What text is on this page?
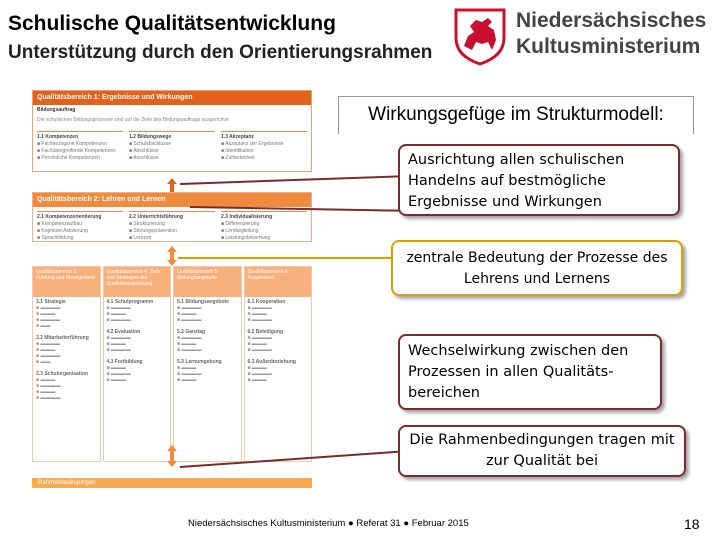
Schulische Qualitätsentwicklung
Unterstützung durch den Orientierungsrahmen
Niedersächsisches
Kultusministerium
Qualitätsbereich 1: Ergebnisse und Wirkungen
Bildungsauftrag
Die schulischen Bildungsprozesse sind auf die Ziele des Bildungsauftrags ausgerichtet
1.1 Kompetenzen
■ Fachbezogene Kompetenzen
■ Fachübergreifende Kompetenzen
■ Persönliche Kompetenzen
1.2 Bildungswege
■ Schulabschlüsse
■ Abschlüsse
■ Anschlüsse
1.3 Akzeptanz
■ Akzeptanz der Ergebnisse
■ Identifikation
■ Zufriedenheit
Qualitätsbereich 2: Lehren und Lernen
2.1 Kompetenzorientierung
■ Kompetenzaufbau
■ Kognitive Aktivierung
■ Sprachbildung
2.2 Unterrichtsführung
■ Strukturierung
■ Störungsprävention
■ Lernzeit
2.3 Individualisierung
■ Differenzierung
■ Lernbegleitung
■ Leistungsbewertung
Qualitätsbereich 3: Führung und Management
3.1 Strategie
■ ▬▬▬▬
■ ▬▬▬
■ ▬▬▬▬
■ ▬▬

3.2 Mitarbeiterführung
■ ▬▬▬▬
■ ▬▬▬
■ ▬▬▬▬
■ ▬▬

3.3 Schulorganisation
■ ▬▬▬
■ ▬▬▬▬
■ ▬▬▬
■ ▬▬▬▬
Qualitätsbereich 4: Ziele und Strategien der Qualitätsentwicklung
4.1 Schulprogramm
■ ▬▬▬▬
■ ▬▬▬
■ ▬▬▬▬

4.2 Evaluation
■ ▬▬▬▬
■ ▬▬▬
■ ▬▬▬▬

4.3 Fortbildung
■ ▬▬▬
■ ▬▬▬▬
■ ▬▬▬
Qualitätsbereich 5: Bildungsangebote
5.1 Bildungsangebote
■ ▬▬▬▬
■ ▬▬▬
■ ▬▬▬▬

5.2 Ganztag
■ ▬▬▬▬
■ ▬▬▬
■ ▬▬▬▬

5.3 Lernumgebung
■ ▬▬▬
■ ▬▬▬▬
■ ▬▬▬
Qualitätsbereich 6: Kooperation
6.1 Kooperation
■ ▬▬▬▬
■ ▬▬▬
■ ▬▬▬▬

6.2 Beteiligung
■ ▬▬▬▬
■ ▬▬▬
■ ▬▬▬▬

6.3 Außenbeziehung
■ ▬▬▬
■ ▬▬▬▬
■ ▬▬▬
Rahmenbedingungen
Wirkungsgefüge im Strukturmodell:
Ausrichtung allen schulischen Handelns auf bestmögliche Ergebnisse und Wirkungen
zentrale Bedeutung der Prozesse des Lehrens und Lernens
Wechselwirkung zwischen den Prozessen in allen Qualitäts-bereichen
Die Rahmenbedingungen tragen mit zur Qualität bei
Niedersächsisches Kultusministerium ● Referat 31 ● Februar 2015	18
